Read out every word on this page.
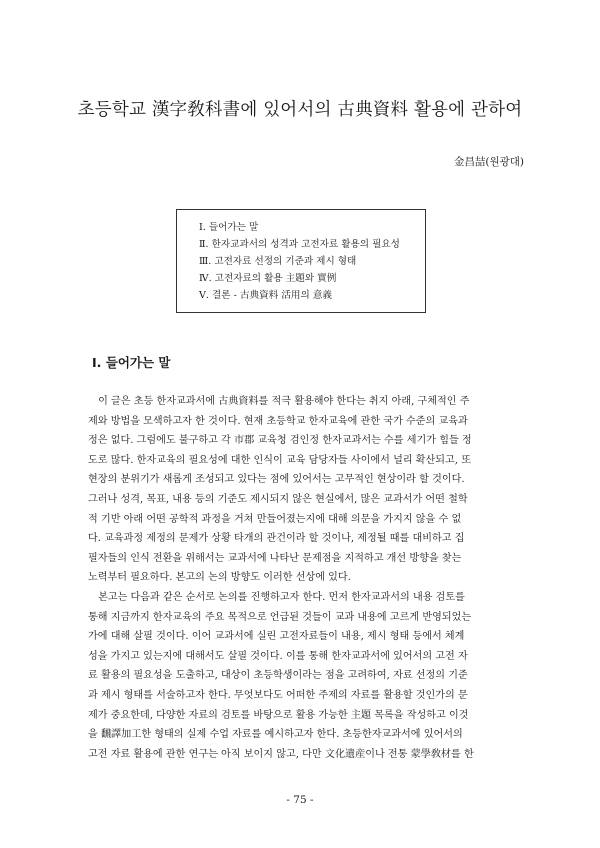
초등학교 漢字敎科書에 있어서의 古典資料 활용에 관하여

金昌喆(원광대)

Ⅰ. 들어가는 말
Ⅱ. 한자교과서의 성격과 고전자료 활용의 필요성
Ⅲ. 고전자료 선정의 기준과 제시 형태
Ⅳ. 고전자료의 활용 主題와 實例
Ⅴ. 결론 - 古典資料 活用의 意義
Ⅰ. 들어가는 말

　이 글은 초등 한자교과서에 古典資料를 적극 활용해야 한다는 취지 아래, 구체적인 주

제와 방법을 모색하고자 한 것이다. 현재 초등학교 한자교육에 관한 국가 수준의 교육과

정은 없다. 그럼에도 불구하고 각 市郡 교육청 검인정 한자교과서는 수를 세기가 힘들 정

도로 많다. 한자교육의 필요성에 대한 인식이 교육 담당자들 사이에서 널리 확산되고, 또

현장의 분위기가 새롭게 조성되고 있다는 점에 있어서는 고무적인 현상이라 할 것이다.

그러나 성격, 목표, 내용 등의 기준도 제시되지 않은 현실에서, 많은 교과서가 어떤 철학

적 기반 아래 어떤 공학적 과정을 거쳐 만들어졌는지에 대해 의문을 가지지 않을 수 없

다. 교육과정 제정의 문제가 상황 타개의 관건이라 할 것이나, 제정될 때를 대비하고 집

필자들의 인식 전환을 위해서는 교과서에 나타난 문제점을 지적하고 개선 방향을 찾는

노력부터 필요하다. 본고의 논의 방향도 이러한 선상에 있다.

　본고는 다음과 같은 순서로 논의를 진행하고자 한다. 먼저 한자교과서의 내용 검토를

통해 지금까지 한자교육의 주요 목적으로 언급된 것들이 교과 내용에 고르게 반영되었는

가에 대해 살필 것이다. 이어 교과서에 실린 고전자료들이 내용, 제시 형태 등에서 체계

성을 가지고 있는지에 대해서도 살필 것이다. 이를 통해 한자교과서에 있어서의 고전 자

료 활용의 필요성을 도출하고, 대상이 초등학생이라는 점을 고려하여, 자료 선정의 기준

과 제시 형태를 서술하고자 한다. 무엇보다도 어떠한 주제의 자료를 활용할 것인가의 문

제가 중요한데, 다양한 자료의 검토를 바탕으로 활용 가능한 主題 목록을 작성하고 이것

을 飜譯加工한 형태의 실제 수업 자료를 예시하고자 한다. 초등한자교과서에 있어서의

고전 자료 활용에 관한 연구는 아직 보이지 않고, 다만 文化遺産이나 전통 蒙學敎材를 한

- 75 -
